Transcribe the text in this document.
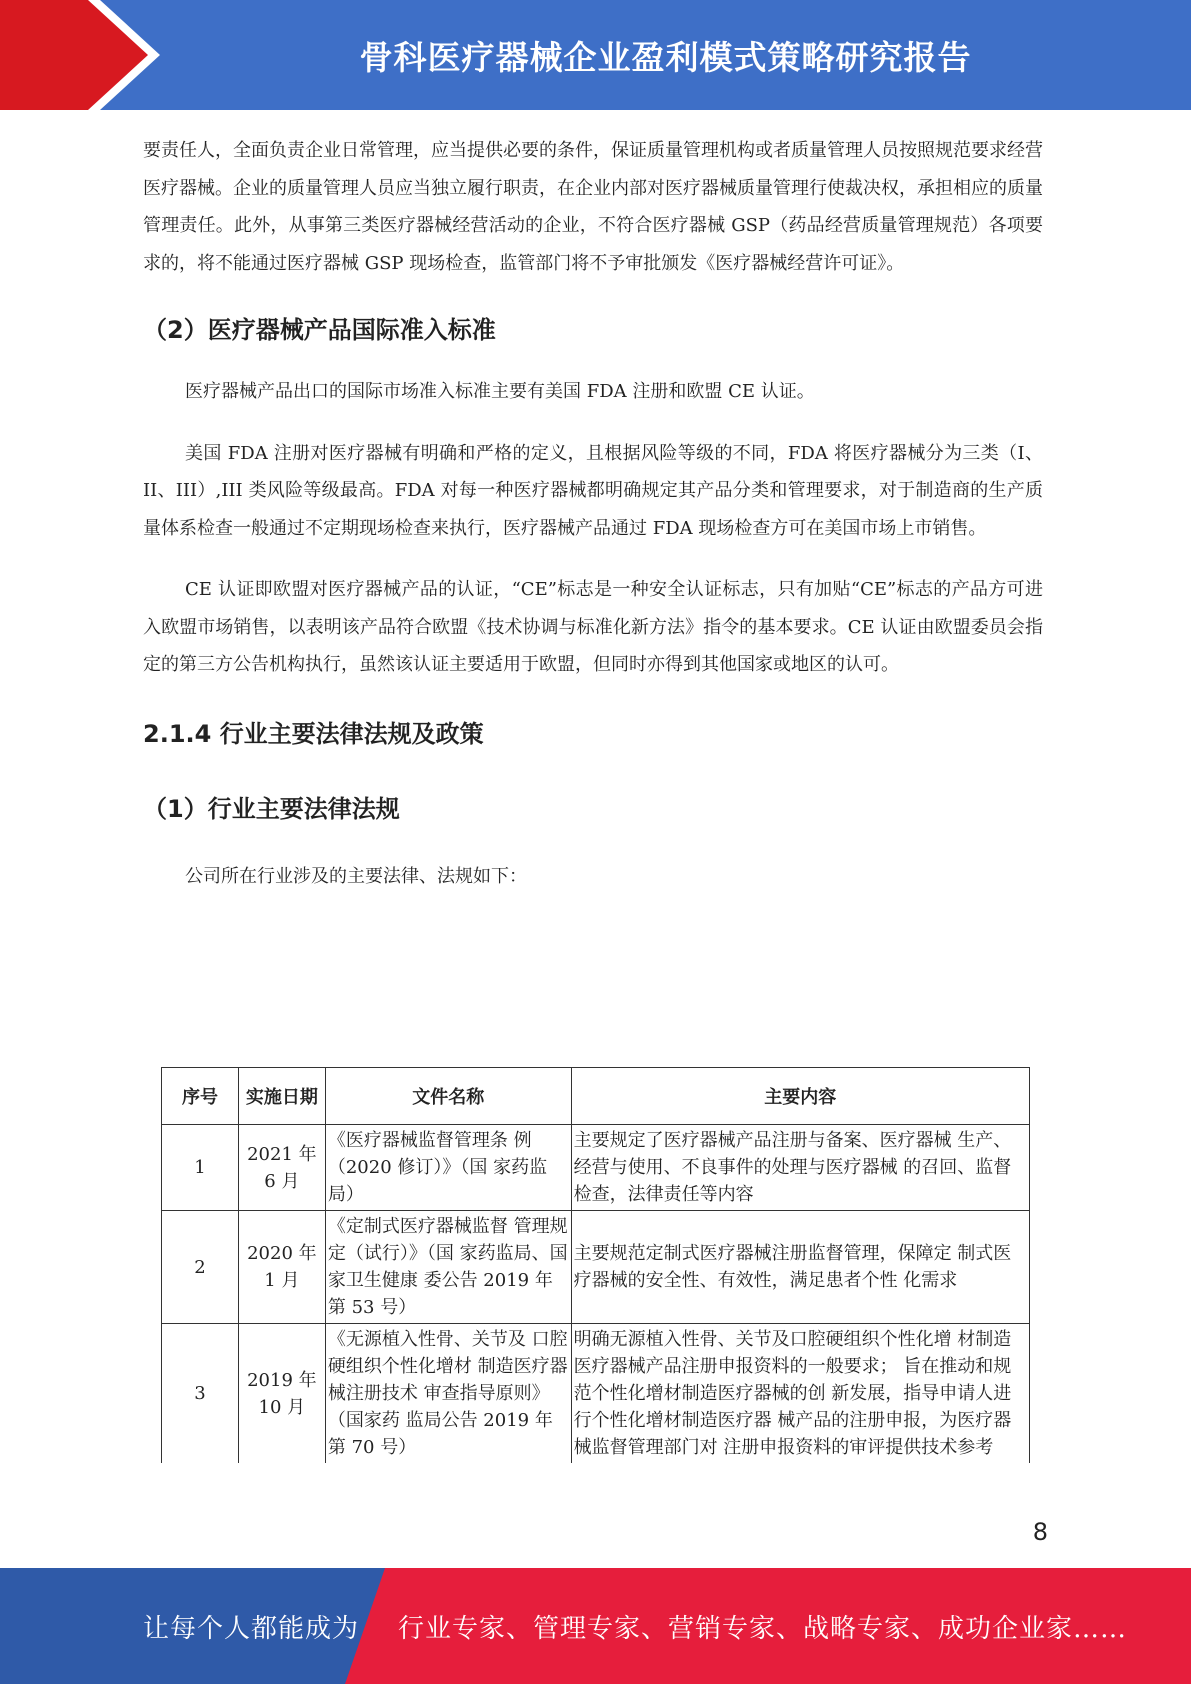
骨科医疗器械企业盈利模式策略研究报告

要责任人，全面负责企业日常管理，应当提供必要的条件，保证质量管理机构或者质量管理人员按照规范要求经营医疗器械。企业的质量管理人员应当独立履行职责，在企业内部对医疗器械质量管理行使裁决权，承担相应的质量管理责任。此外，从事第三类医疗器械经营活动的企业，不符合医疗器械 GSP（药品经营质量管理规范）各项要求的，将不能通过医疗器械 GSP 现场检查，监管部门将不予审批颁发《医疗器械经营许可证》。

（2）医疗器械产品国际准入标准

医疗器械产品出口的国际市场准入标准主要有美国 FDA 注册和欧盟 CE 认证。

美国 FDA 注册对医疗器械有明确和严格的定义，且根据风险等级的不同，FDA 将医疗器械分为三类（I、II、III）,III 类风险等级最高。FDA 对每一种医疗器械都明确规定其产品分类和管理要求，对于制造商的生产质量体系检查一般通过不定期现场检查来执行，医疗器械产品通过 FDA 现场检查方可在美国市场上市销售。

CE 认证即欧盟对医疗器械产品的认证，“CE”标志是一种安全认证标志，只有加贴“CE”标志的产品方可进入欧盟市场销售，以表明该产品符合欧盟《技术协调与标准化新方法》指令的基本要求。CE 认证由欧盟委员会指定的第三方公告机构执行，虽然该认证主要适用于欧盟，但同时亦得到其他国家或地区的认可。

2.1.4 行业主要法律法规及政策

（1）行业主要法律法规

公司所在行业涉及的主要法律、法规如下：

序号	实施日期	文件名称	主要内容
1	2021 年 6 月	《医疗器械监督管理条 例（2020 修订）》（国 家药监局）	主要规定了医疗器械产品注册与备案、医疗器械 生产、经营与使用、不良事件的处理与医疗器械 的召回、监督检查，法律责任等内容
2	2020 年 1 月	《定制式医疗器械监督 管理规定（试行）》（国 家药监局、国家卫生健康 委公告 2019 年第 53 号）	主要规范定制式医疗器械注册监督管理，保障定 制式医疗器械的安全性、有效性，满足患者个性 化需求
3	2019 年 10 月	《无源植入性骨、关节及 口腔硬组织个性化增材 制造医疗器械注册技术 审查指导原则》（国家药 监局公告 2019 年第 70 号）	明确无源植入性骨、关节及口腔硬组织个性化增 材制造医疗器械产品注册申报资料的一般要求； 旨在推动和规范个性化增材制造医疗器械的创 新发展，指导申请人进行个性化增材制造医疗器 械产品的注册申报，为医疗器械监督管理部门对 注册申报资料的审评提供技术参考
8
让每个人都能成为 行业专家、管理专家、营销专家、战略专家、成功企业家……
